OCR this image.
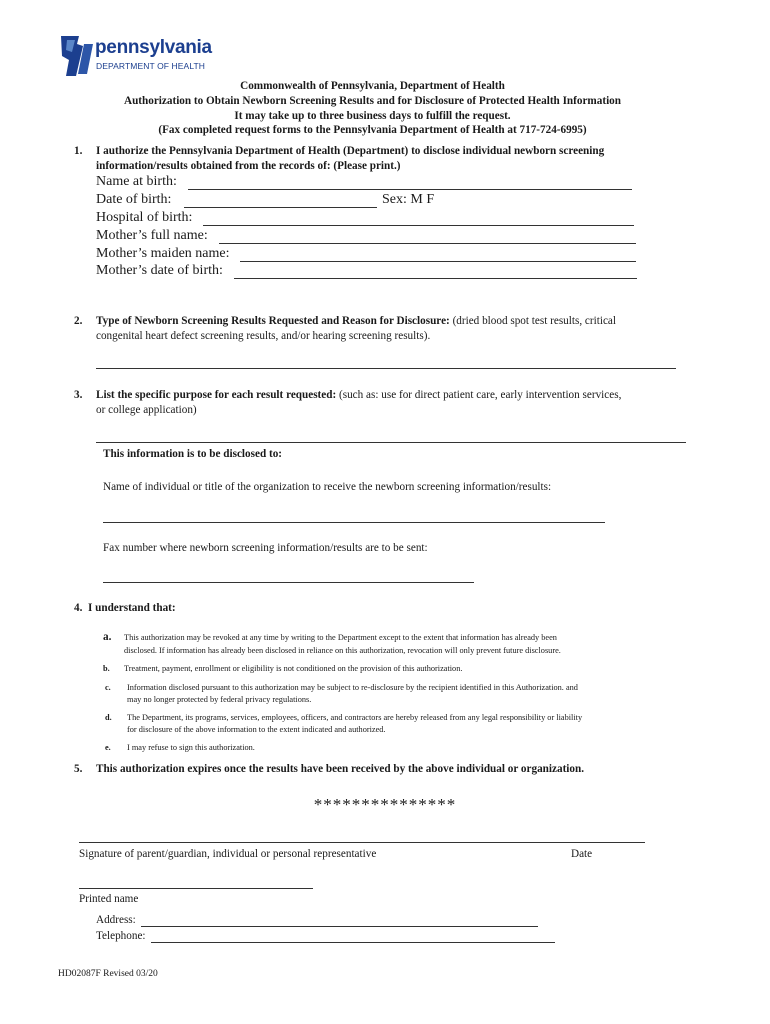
pennsylvania
DEPARTMENT OF HEALTH
Commonwealth of Pennsylvania, Department of Health
Authorization to Obtain Newborn Screening Results and for Disclosure of Protected Health Information
It may take up to three business days to fulfill the request.
(Fax completed request forms to the Pennsylvania Department of Health at 717-724-6995)
1. I authorize the Pennsylvania Department of Health (Department) to disclose individual newborn screening
information/results obtained from the records of: (Please print.)
Name at birth:
Date of birth:	Sex: M F
Hospital of birth:
Mother’s full name:
Mother’s maiden name:
Mother’s date of birth:
2. Type of Newborn Screening Results Requested and Reason for Disclosure: (dried blood spot test results, critical
congenital heart defect screening results, and/or hearing screening results).
3. List the specific purpose for each result requested: (such as: use for direct patient care, early intervention services,
or college application)
This information is to be disclosed to:
Name of individual or title of the organization to receive the newborn screening information/results:
Fax number where newborn screening information/results are to be sent:
4.  I understand that:
a. This authorization may be revoked at any time by writing to the Department except to the extent that information has already been
disclosed. If information has already been disclosed in reliance on this authorization, revocation will only prevent future disclosure.
b. Treatment, payment, enrollment or eligibility is not conditioned on the provision of this authorization.
c. Information disclosed pursuant to this authorization may be subject to re-disclosure by the recipient identified in this Authorization. and
may no longer protected by federal privacy regulations.
d. The Department, its programs, services, employees, officers, and contractors are hereby released from any legal responsibility or liability
for disclosure of the above information to the extent indicated and authorized.
e. I may refuse to sign this authorization.
5. This authorization expires once the results have been received by the above individual or organization.
***************
Signature of parent/guardian, individual or personal representative	Date
Printed name
Address:
Telephone:
HD02087F Revised 03/20
